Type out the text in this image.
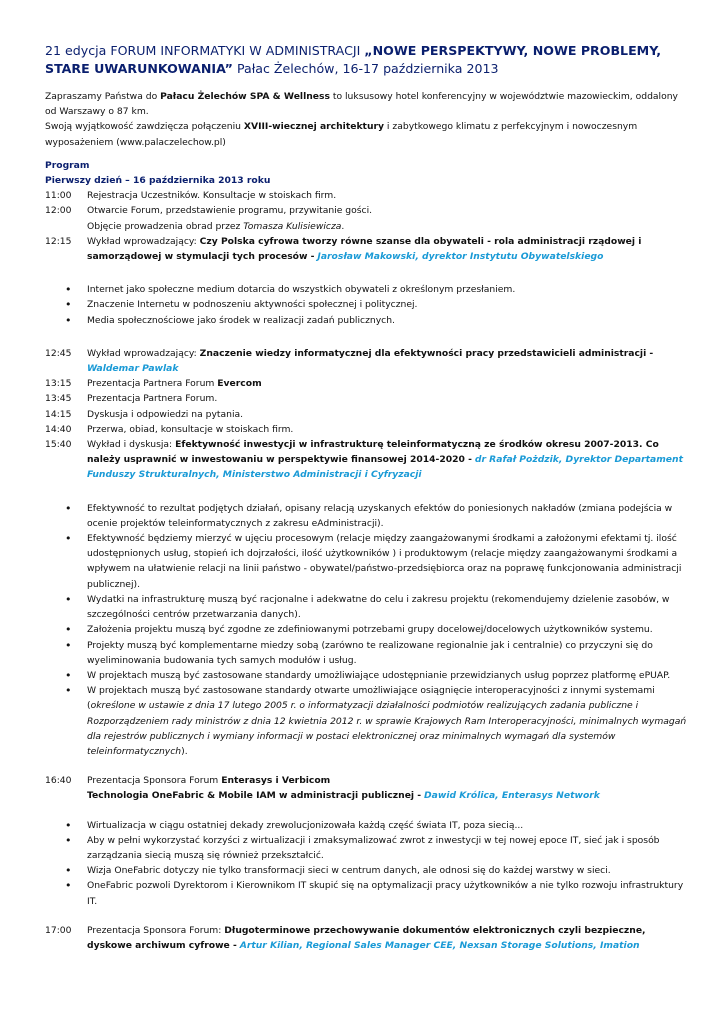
21 edycja FORUM INFORMATYKI W ADMINISTRACJI „NOWE PERSPEKTYWY, NOWE PROBLEMY, STARE UWARUNKOWANIA” Pałac Żelechów, 16-17 października 2013

Zapraszamy Państwa do Pałacu Żelechów SPA & Wellness to luksusowy hotel konferencyjny w województwie mazowieckim, oddalony od Warszawy o 87 km.
Swoją wyjątkowość zawdzięcza połączeniu XVIII-wiecznej architektury i zabytkowego klimatu z perfekcyjnym i nowoczesnym wyposażeniem (www.palaczelechow.pl)

Program

Pierwszy dzień – 16 października 2013 roku

11:00	Rejestracja Uczestników. Konsultacje w stoiskach firm.
12:00	Otwarcie Forum, przedstawienie programu, przywitanie gości.
Objęcie prowadzenia obrad przez Tomasza Kulisiewicza.
12:15	Wykład wprowadzający: Czy Polska cyfrowa tworzy równe szanse dla obywateli - rola administracji rządowej i samorządowej w stymulacji tych procesów - Jarosław Makowski, dyrektor Instytutu Obywatelskiego
• Internet jako społeczne medium dotarcia do wszystkich obywateli z określonym przesłaniem.
• Znaczenie Internetu w podnoszeniu aktywności społecznej i politycznej.
• Media społecznościowe jako środek w realizacji zadań publicznych.
12:45	Wykład wprowadzający: Znaczenie wiedzy informatycznej dla efektywności pracy przedstawicieli administracji -
Waldemar Pawlak
13:15	Prezentacja Partnera Forum Evercom
13:45	Prezentacja Partnera Forum.
14:15	Dyskusja i odpowiedzi na pytania.
14:40	Przerwa, obiad, konsultacje w stoiskach firm.
15:40	Wykład i dyskusja: Efektywność inwestycji w infrastrukturę teleinformatyczną ze środków okresu 2007-2013. Co należy usprawnić w inwestowaniu w perspektywie finansowej 2014-2020 - dr Rafał Pożdzik, Dyrektor Departament Funduszy Strukturalnych, Ministerstwo Administracji i Cyfryzacji
• Efektywność to rezultat podjętych działań, opisany relacją uzyskanych efektów do poniesionych nakładów (zmiana podejścia w ocenie projektów teleinformatycznych z zakresu eAdministracji).
• Efektywność będziemy mierzyć w ujęciu procesowym (relacje między zaangażowanymi środkami a założonymi efektami tj. ilość udostępnionych usług, stopień ich dojrzałości, ilość użytkowników ) i produktowym (relacje między zaangażowanymi środkami a wpływem na ułatwienie relacji na linii państwo - obywatel/państwo-przedsiębiorca oraz na poprawę funkcjonowania administracji publicznej).
• Wydatki na infrastrukturę muszą być racjonalne i adekwatne do celu i zakresu projektu (rekomendujemy dzielenie zasobów, w szczególności centrów przetwarzania danych).
• Założenia projektu muszą być zgodne ze zdefiniowanymi potrzebami grupy docelowej/docelowych użytkowników systemu.
• Projekty muszą być komplementarne miedzy sobą (zarówno te realizowane regionalnie jak i centralnie) co przyczyni się do wyeliminowania budowania tych samych modułów i usług.
• W projektach muszą być zastosowane standardy umożliwiające udostępnianie przewidzianych usług poprzez platformę ePUAP.
• W projektach muszą być zastosowane standardy otwarte umożliwiające osiągnięcie interoperacyjności z innymi systemami (określone w ustawie z dnia 17 lutego 2005 r. o informatyzacji działalności podmiotów realizujących zadania publiczne i Rozporządzeniem rady ministrów z dnia 12 kwietnia 2012 r. w sprawie Krajowych Ram Interoperacyjności, minimalnych wymagań dla rejestrów publicznych i wymiany informacji w postaci elektronicznej oraz minimalnych wymagań dla systemów teleinformatycznych).
16:40	Prezentacja Sponsora Forum Enterasys i Verbicom
Technologia OneFabric & Mobile IAM w administracji publicznej - Dawid Królica, Enterasys Network
• Wirtualizacja w ciągu ostatniej dekady zrewolucjonizowała każdą część świata IT, poza siecią...
• Aby w pełni wykorzystać korzyści z wirtualizacji i zmaksymalizować zwrot z inwestycji w tej nowej epoce IT, sieć jak i sposób zarządzania siecią muszą się również przekształcić.
• Wizja OneFabric dotyczy nie tylko transformacji sieci w centrum danych, ale odnosi się do każdej warstwy w sieci.
• OneFabric pozwoli Dyrektorom i Kierownikom IT skupić się na optymalizacji pracy użytkowników a nie tylko rozwoju infrastruktury IT.
17:00	Prezentacja Sponsora Forum: Długoterminowe przechowywanie dokumentów elektronicznych czyli bezpieczne, dyskowe archiwum cyfrowe - Artur Kilian, Regional Sales Manager CEE, Nexsan Storage Solutions, Imation
